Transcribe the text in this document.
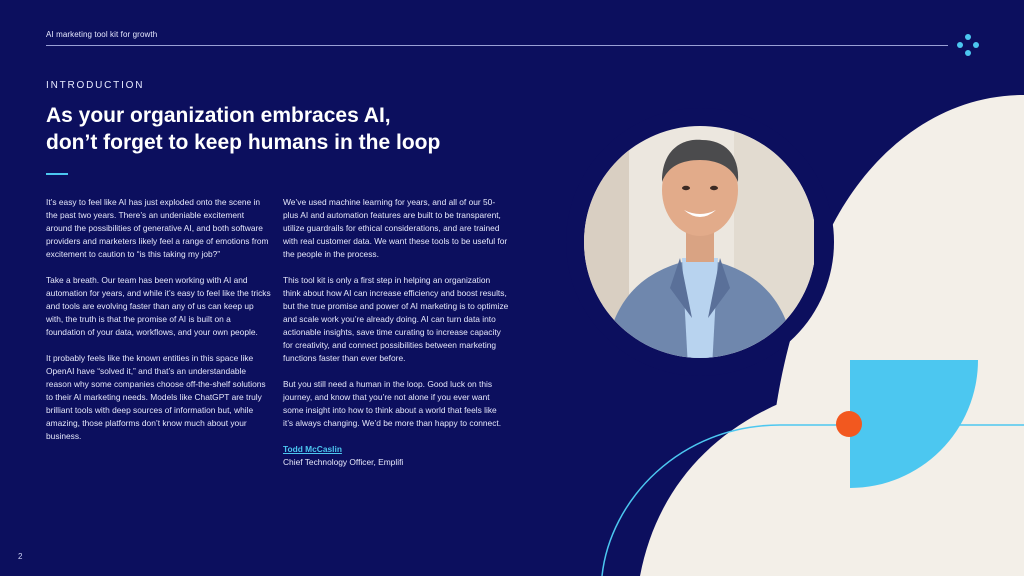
AI marketing tool kit for growth
INTRODUCTION
As your organization embraces AI,
don’t forget to keep humans in the loop

It’s easy to feel like AI has just exploded onto the scene in the past two years. There’s an undeniable excitement around the possibilities of generative AI, and both software providers and marketers likely feel a range of emotions from excitement to caution to “is this taking my job?”

Take a breath. Our team has been working with AI and automation for years, and while it’s easy to feel like the tricks and tools are evolving faster than any of us can keep up with, the truth is that the promise of AI is built on a foundation of your data, workflows, and your own people.

It probably feels like the known entities in this space like OpenAI have “solved it,” and that’s an understandable reason why some companies choose off-the-shelf solutions to their AI marketing needs. Models like ChatGPT are truly brilliant tools with deep sources of information but, while amazing, those platforms don’t know much about your business.

We’ve used machine learning for years, and all of our 50-plus AI and automation features are built to be transparent, utilize guardrails for ethical considerations, and are trained with real customer data. We want these tools to be useful for the people in the process.

This tool kit is only a first step in helping an organization think about how AI can increase efficiency and boost results, but the true promise and power of AI marketing is to optimize and scale work you’re already doing. AI can turn data into actionable insights, save time curating to increase capacity for creativity, and connect possibilities between marketing functions faster than ever before.

But you still need a human in the loop. Good luck on this journey, and know that you’re not alone if you ever want some insight into how to think about a world that feels like it’s always changing. We’d be more than happy to connect.

Todd McCaslin
Chief Technology Officer, Emplifi
2
